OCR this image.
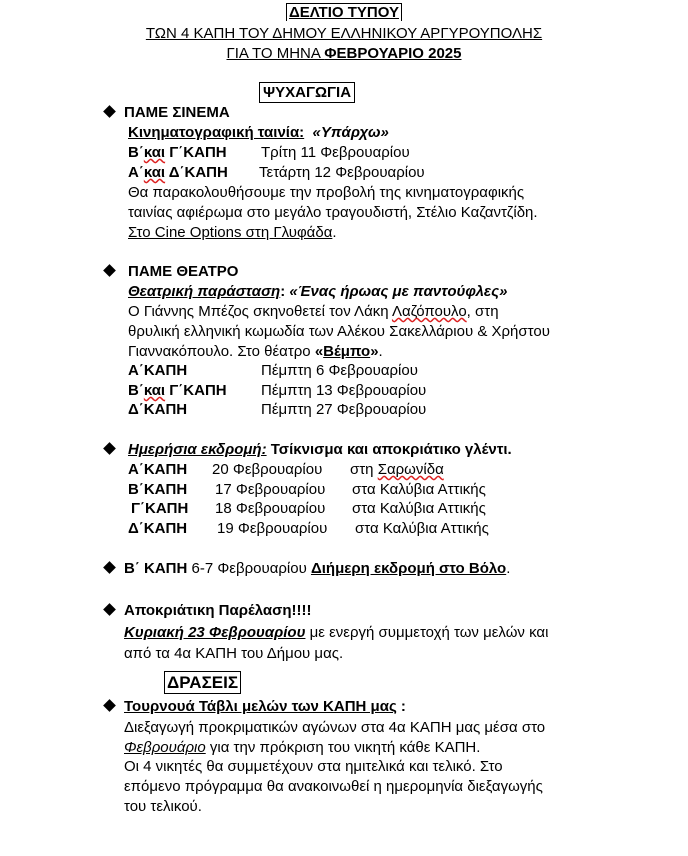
ΔΕΛΤΙΟ ΤΥΠΟΥ
ΤΩΝ 4 ΚΑΠΗ ΤΟΥ ΔΗΜΟΥ ΕΛΛΗΝΙΚΟΥ ΑΡΓΥΡΟΥΠΟΛΗΣ
ΓΙΑ ΤΟ ΜΗΝΑ ΦΕΒΡΟΥΑΡΙΟ 2025
ΨΥΧΑΓΩΓΙΑ
ΠΑΜΕ ΣΙΝΕΜΑ
Κινηματογραφική ταινία: «Υπάρχω»
Β΄και Γ΄ΚΑΠΗ Τρίτη 11 Φεβρουαρίου
Α΄και Δ΄ΚΑΠΗ Τετάρτη 12 Φεβρουαρίου
Θα παρακολουθήσουμε την προβολή της κινηματογραφικής
ταινίας αφιέρωμα στο μεγάλο τραγουδιστή, Στέλιο Καζαντζίδη.
Στο Cine Options στη Γλυφάδα.
ΠΑΜΕ ΘΕΑΤΡΟ
Θεατρική παράσταση: «Ένας ήρωας με παντούφλες»
Ο Γιάννης Μπέζος σκηνοθετεί τον Λάκη Λαζόπουλο, στη
θρυλική ελληνική κωμωδία των Αλέκου Σακελλάριου & Χρήστου
Γιαννακόπουλο. Στο θέατρο «Βέμπο».
Α΄ΚΑΠΗ	Πέμπτη 6 Φεβρουαρίου
Β΄και Γ΄ΚΑΠΗ Πέμπτη 13 Φεβρουαρίου
Δ΄ΚΑΠΗ	Πέμπτη 27 Φεβρουαρίου
Ημερήσια εκδρομή: Τσίκνισμα και αποκριάτικο γλέντι.
Α΄ΚΑΠΗ 20 Φεβρουαρίου στη Σαρωνίδα
Β΄ΚΑΠΗ 17 Φεβρουαρίου στα Καλύβια Αττικής
Γ΄ΚΑΠΗ 18 Φεβρουαρίου στα Καλύβια Αττικής
Δ΄ΚΑΠΗ 19 Φεβρουαρίου στα Καλύβια Αττικής
Β΄ ΚΑΠΗ 6-7 Φεβρουαρίου Διήμερη εκδρομή στο Βόλο.
Αποκριάτικη Παρέλαση!!!!
Κυριακή 23 Φεβρουαρίου με ενεργή συμμετοχή των μελών και
από τα 4α ΚΑΠΗ του Δήμου μας.
ΔΡΑΣΕΙΣ
Τουρνουά Τάβλι μελών των ΚΑΠΗ μας :
Διεξαγωγή προκριματικών αγώνων στα 4α ΚΑΠΗ μας μέσα στο
Φεβρουάριο για την πρόκριση του νικητή κάθε ΚΑΠΗ.
Οι 4 νικητές θα συμμετέχουν στα ημιτελικά και τελικό. Στο
επόμενο πρόγραμμα θα ανακοινωθεί η ημερομηνία διεξαγωγής
του τελικού.
